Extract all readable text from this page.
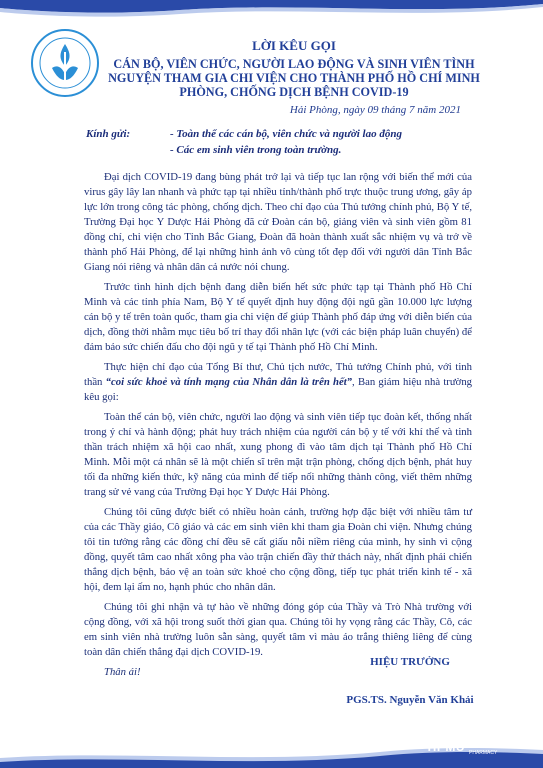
LỜI KÊU GỌI
CÁN BỘ, VIÊN CHỨC, NGƯỜI LAO ĐỘNG VÀ SINH VIÊN TÌNH
NGUYỆN THAM GIA CHI VIỆN CHO THÀNH PHỐ HỒ CHÍ MINH
PHÒNG, CHỐNG DỊCH BỆNH COVID-19
Hải Phòng, ngày 09 tháng 7 năm 2021
Kính gửi:	- Toàn thể các cán bộ, viên chức và người lao động
- Các em sinh viên trong toàn trường.

Đại dịch COVID-19 đang bùng phát trở lại và tiếp tục lan rộng với biến thể mới của virus gây lây lan nhanh và phức tạp tại nhiều tỉnh/thành phố trực thuộc trung ương, gây áp lực lớn trong công tác phòng, chống dịch. Theo chỉ đạo của Thủ tướng chính phủ, Bộ Y tế, Trường Đại học Y Dược Hải Phòng đã cử Đoàn cán bộ, giảng viên và sinh viên gồm 81 đồng chí, chi viện cho Tỉnh Bắc Giang, Đoàn đã hoàn thành xuất sắc nhiệm vụ và trở về thành phố Hải Phòng, để lại những hình ảnh vô cùng tốt đẹp đối với người dân Tỉnh Bắc Giang nói riêng và nhân dân cả nước nói chung.

Trước tình hình dịch bệnh đang diễn biến hết sức phức tạp tại Thành phố Hồ Chí Minh và các tỉnh phía Nam, Bộ Y tế quyết định huy động đội ngũ gần 10.000 lực lượng cán bộ y tế trên toàn quốc, tham gia chi viện để giúp Thành phố đáp ứng với diễn biến của dịch, đồng thời nhằm mục tiêu bố trí thay đổi nhân lực (với các biện pháp luân chuyển) để đảm bảo sức chiến đấu cho đội ngũ y tế tại Thành phố Hồ Chí Minh.

Thực hiện chỉ đạo của Tổng Bí thư, Chủ tịch nước, Thủ tướng Chính phủ, với tinh thần “coi sức khoẻ và tính mạng của Nhân dân là trên hết”, Ban giám hiệu nhà trường kêu gọi:

Toàn thể cán bộ, viên chức, người lao động và sinh viên tiếp tục đoàn kết, thống nhất trong ý chí và hành động; phát huy trách nhiệm của người cán bộ y tế với khí thế và tinh thần trách nhiệm xã hội cao nhất, xung phong đi vào tâm dịch tại Thành phố Hồ Chí Minh. Mỗi một cá nhân sẽ là một chiến sĩ trên mặt trận phòng, chống dịch bệnh, phát huy tối đa những kiến thức, kỹ năng của mình để tiếp nối những thành công, viết thêm những trang sử vẻ vang của Trường Đại học Y Dược Hải Phòng.

Chúng tôi cũng được biết có nhiều hoàn cảnh, trường hợp đặc biệt với nhiều tâm tư của các Thầy giáo, Cô giáo và các em sinh viên khi tham gia Đoàn chi viện. Nhưng chúng tôi tin tưởng rằng các đồng chí đều sẽ cất giấu nỗi niềm riêng của mình, hy sinh vì cộng đồng, quyết tâm cao nhất xông pha vào trận chiến đầy thử thách này, nhất định phải chiến thắng dịch bệnh, bảo vệ an toàn sức khoẻ cho cộng đồng, tiếp tục phát triển kinh tế - xã hội, đem lại ấm no, hạnh phúc cho nhân dân.

Chúng tôi ghi nhận và tự hào về những đóng góp của Thầy và Trò Nhà trường với cộng đồng, với xã hội trong suốt thời gian qua. Chúng tôi hy vọng rằng các Thầy, Cô, các em sinh viên nhà trường luôn sẵn sàng, quyết tâm vì màu áo trắng thiêng liêng để cùng toàn dân chiến thắng đại dịch COVID-19.

Thân ái!

HIỆU TRƯỞNG
PGS.TS. Nguyễn Văn Khải
HPMU HAI PHONG UNIVERSITY OF MEDICINE AND PHARMACY
